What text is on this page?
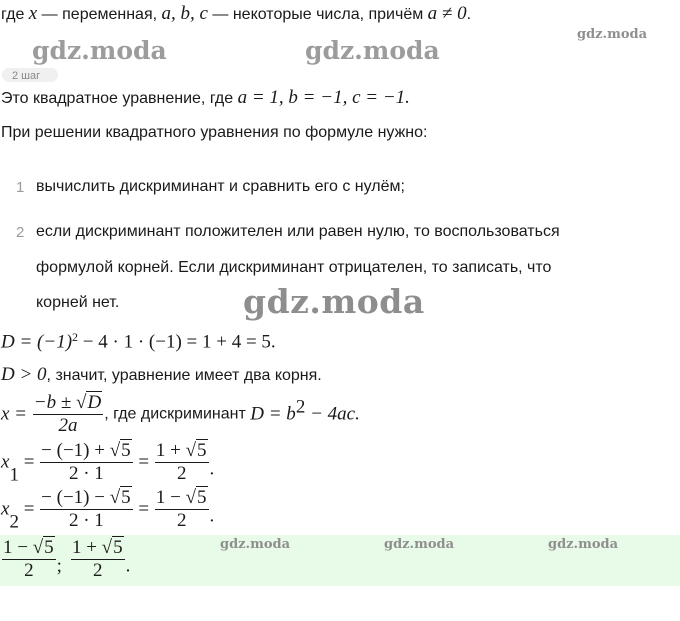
где x — переменная, a, b, c — некоторые числа, причём a ≠ 0.
gdz.moda	gdz.moda
gdz.moda
2 шаг
Это квадратное уравнение, где a = 1, b = −1, c = −1.
При решении квадратного уравнения по формуле нужно:
1 вычислить дискриминант и сравнить его с нулём;
2 если дискриминант положителен или равен нулю, то воспользоваться
формулой корней. Если дискриминант отрицателен, то записать, что
корней нет.	gdz.moda
$D = (-1)^2 - 4 \cdot 1 \cdot (-1) = 1 + 4 = 5$.
D > 0, значит, уравнение имеет два корня.
$x = \frac{-b \pm √D}{2a}$ , где дискриминант $D = b^2 - 4ac$.
$x_1 = \frac{- (-1) + √5}{2 \cdot 1} = \frac{1 + √5}{2}$ .
$x_2 = \frac{- (-1) - √5}{2 \cdot 1} = \frac{1 - √5}{2}$ .
$\frac{1 - √5}{2}$ ; $\frac{1 + √5}{2}$ .
gdz.moda	gdz.moda	gdz.moda
